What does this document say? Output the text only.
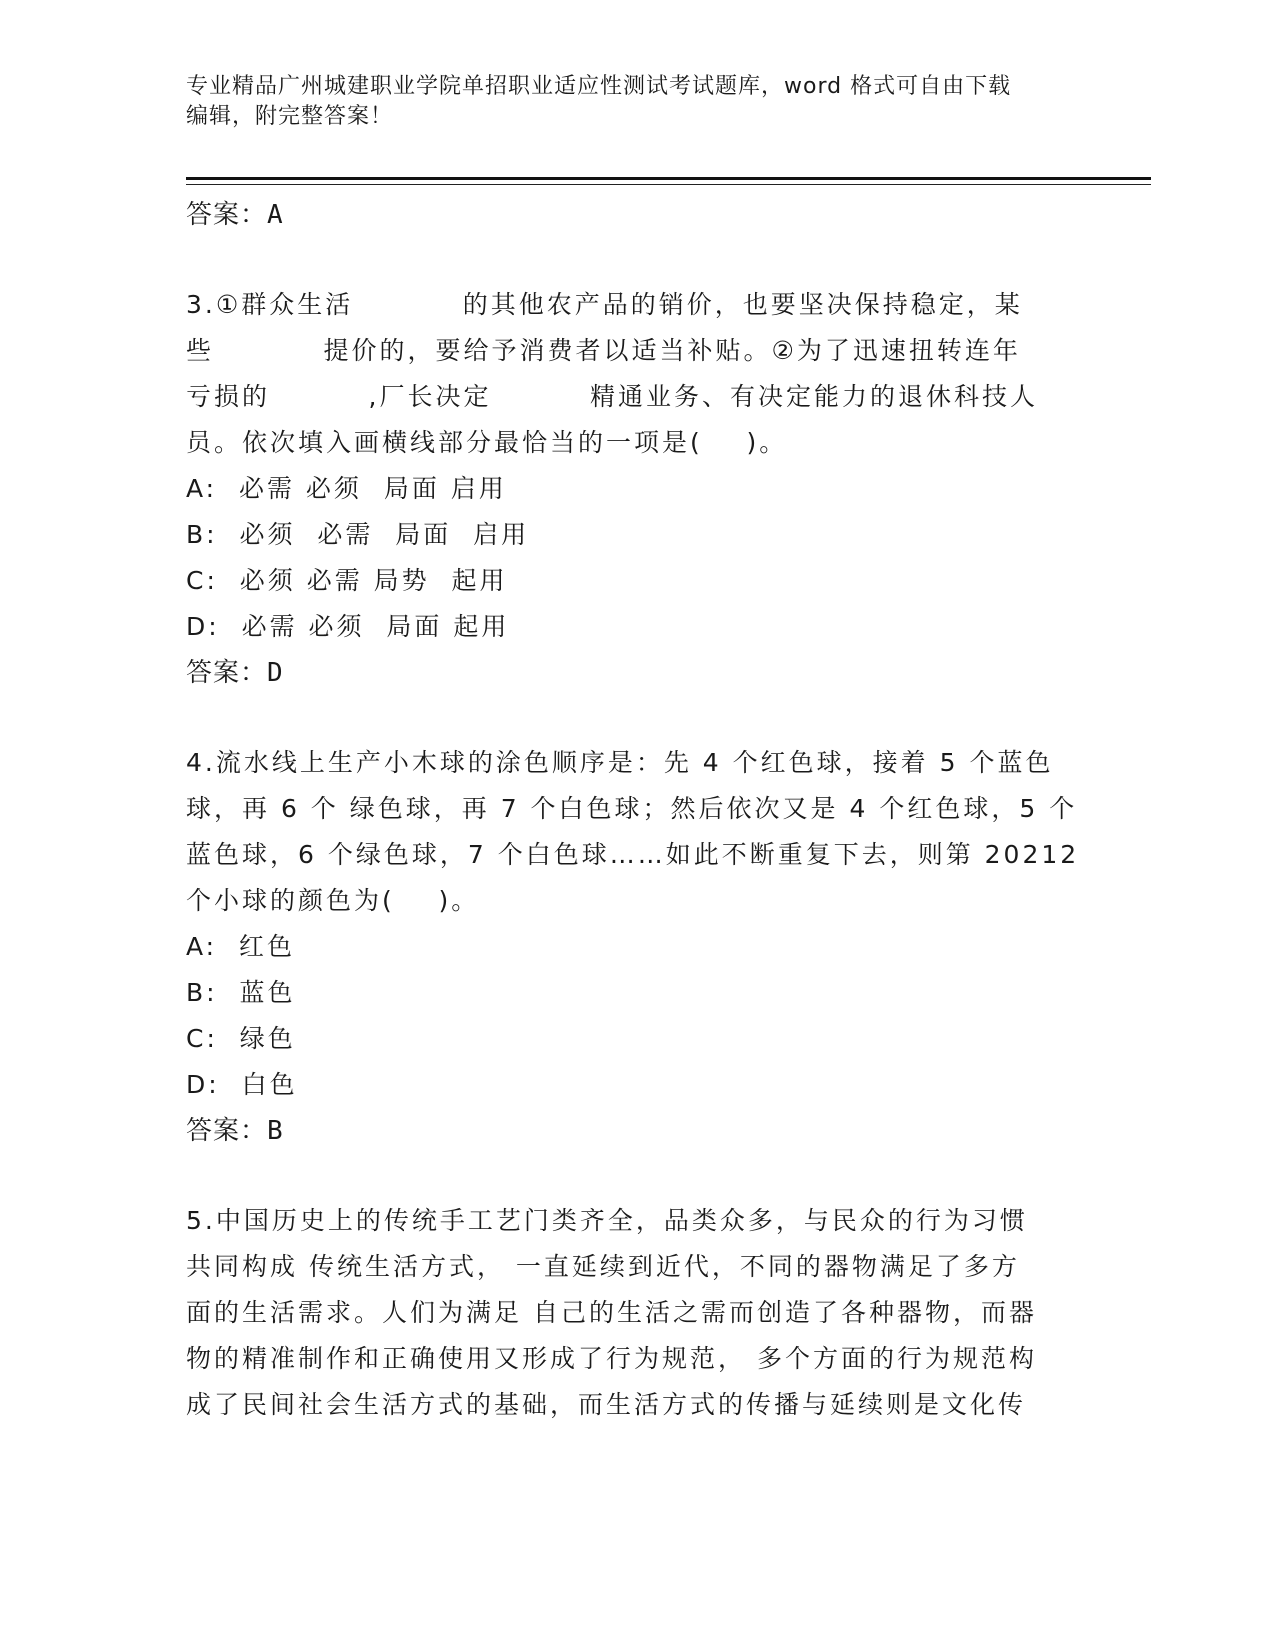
专业精品广州城建职业学院单招职业适应性测试考试题库，word 格式可自由下载
编辑，附完整答案！
答案：A
3.①群众生活          的其他农产品的销价，也要坚决保持稳定，某
些          提价的，要给予消费者以适当补贴。②为了迅速扭转连年
亏损的         ,厂长决定         精通业务、有决定能力的退休科技人
员。依次填入画横线部分最恰当的一项是(    )。
A:  必需 必须  局面 启用
B:  必须  必需  局面  启用
C:  必须 必需 局势  起用
D:  必需 必须  局面 起用
答案：D
4.流水线上生产小木球的涂色顺序是：先 4 个红色球，接着 5 个蓝色
球，再 6 个 绿色球，再 7 个白色球；然后依次又是 4 个红色球，5 个
蓝色球，6 个绿色球，7 个白色球……如此不断重复下去，则第 20212
个小球的颜色为(    )。
A:  红色
B:  蓝色
C:  绿色
D:  白色
答案：B
5.中国历史上的传统手工艺门类齐全，品类众多，与民众的行为习惯
共同构成 传统生活方式， 一直延续到近代，不同的器物满足了多方
面的生活需求。人们为满足 自己的生活之需而创造了各种器物，而器
物的精准制作和正确使用又形成了行为规范， 多个方面的行为规范构
成了民间社会生活方式的基础，而生活方式的传播与延续则是文化传
